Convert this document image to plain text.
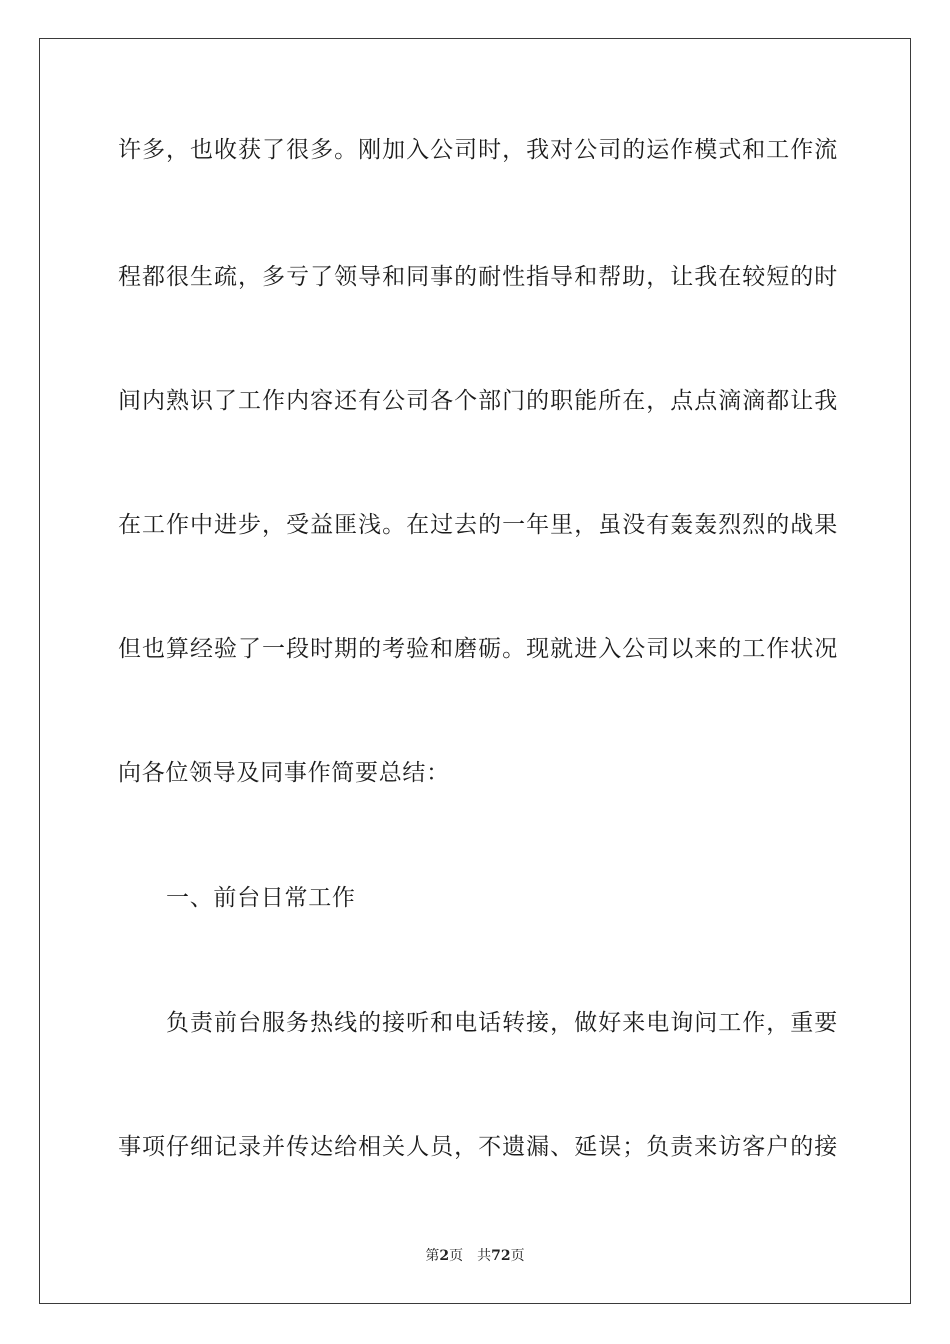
许多，也收获了很多。刚加入公司时，我对公司的运作模式和工作流
程都很生疏，多亏了领导和同事的耐性指导和帮助，让我在较短的时
间内熟识了工作内容还有公司各个部门的职能所在，点点滴滴都让我
在工作中进步，受益匪浅。在过去的一年里，虽没有轰轰烈烈的战果
但也算经验了一段时期的考验和磨砺。现就进入公司以来的工作状况
向各位领导及同事作简要总结：
一、前台日常工作
负责前台服务热线的接听和电话转接，做好来电询问工作，重要
事项仔细记录并传达给相关人员，不遗漏、延误；负责来访客户的接
第2页 共72页
